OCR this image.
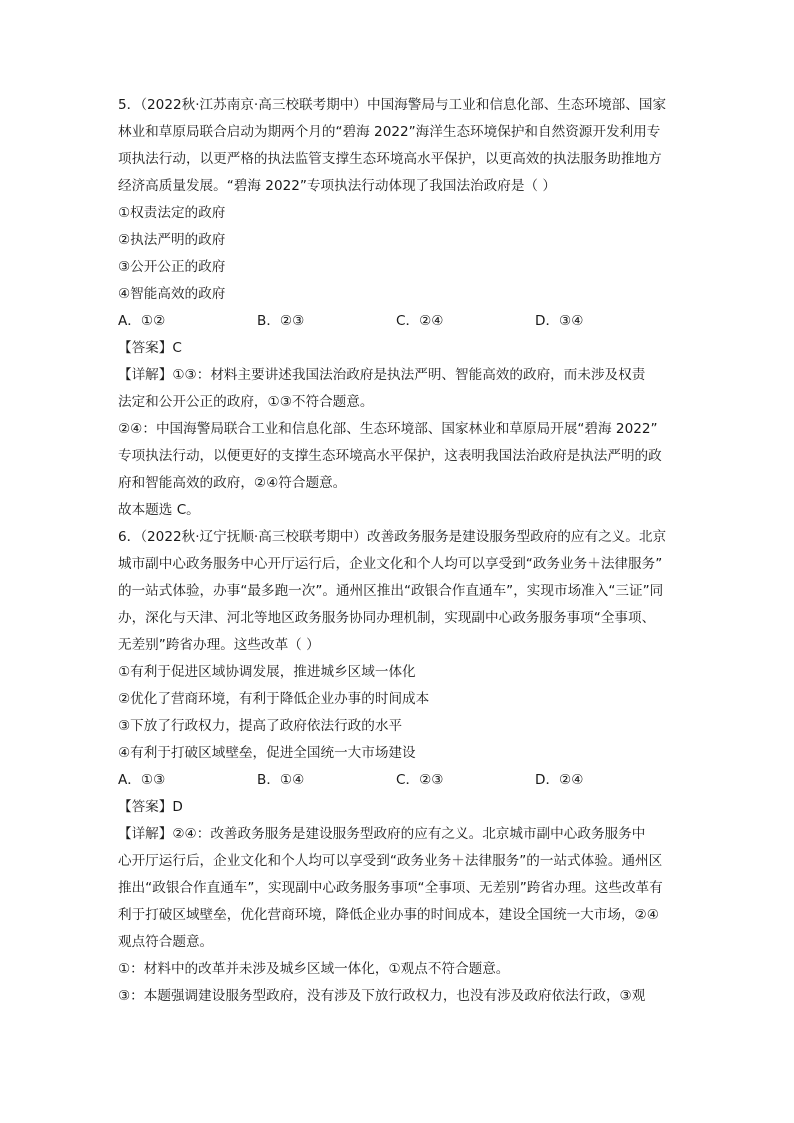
5．（2022秋·江苏南京·高三校联考期中）中国海警局与工业和信息化部、生态环境部、国家
林业和草原局联合启动为期两个月的“碧海 2022”海洋生态环境保护和自然资源开发利用专
项执法行动，以更严格的执法监管支撑生态环境高水平保护，以更高效的执法服务助推地方
经济高质量发展。“碧海 2022”专项执法行动体现了我国法治政府是（ ）
①权责法定的政府
②执法严明的政府
③公开公正的政府
④智能高效的政府
A．①②	B．②③	C．②④	D．③④
【答案】C
【详解】①③：材料主要讲述我国法治政府是执法严明、智能高效的政府，而未涉及权责
法定和公开公正的政府，①③不符合题意。
②④：中国海警局联合工业和信息化部、生态环境部、国家林业和草原局开展“碧海 2022”
专项执法行动，以便更好的支撑生态环境高水平保护，这表明我国法治政府是执法严明的政
府和智能高效的政府，②④符合题意。
故本题选 C。
6．（2022秋·辽宁抚顺·高三校联考期中）改善政务服务是建设服务型政府的应有之义。北京
城市副中心政务服务中心开厅运行后，企业文化和个人均可以享受到“政务业务＋法律服务”
的一站式体验，办事“最多跑一次”。通州区推出“政银合作直通车”，实现市场准入“三证”同
办，深化与天津、河北等地区政务服务协同办理机制，实现副中心政务服务事项“全事项、
无差别”跨省办理。这些改革（ ）
①有利于促进区域协调发展，推进城乡区域一体化
②优化了营商环境，有利于降低企业办事的时间成本
③下放了行政权力，提高了政府依法行政的水平
④有利于打破区域壁垒，促进全国统一大市场建设
A．①③	B．①④	C．②③	D．②④
【答案】D
【详解】②④：改善政务服务是建设服务型政府的应有之义。北京城市副中心政务服务中
心开厅运行后，企业文化和个人均可以享受到“政务业务＋法律服务”的一站式体验。通州区
推出“政银合作直通车”，实现副中心政务服务事项“全事项、无差别”跨省办理。这些改革有
利于打破区域壁垒，优化营商环境，降低企业办事的时间成本，建设全国统一大市场，②④
观点符合题意。
①：材料中的改革并未涉及城乡区域一体化，①观点不符合题意。
③：本题强调建设服务型政府，没有涉及下放行政权力，也没有涉及政府依法行政，③观
